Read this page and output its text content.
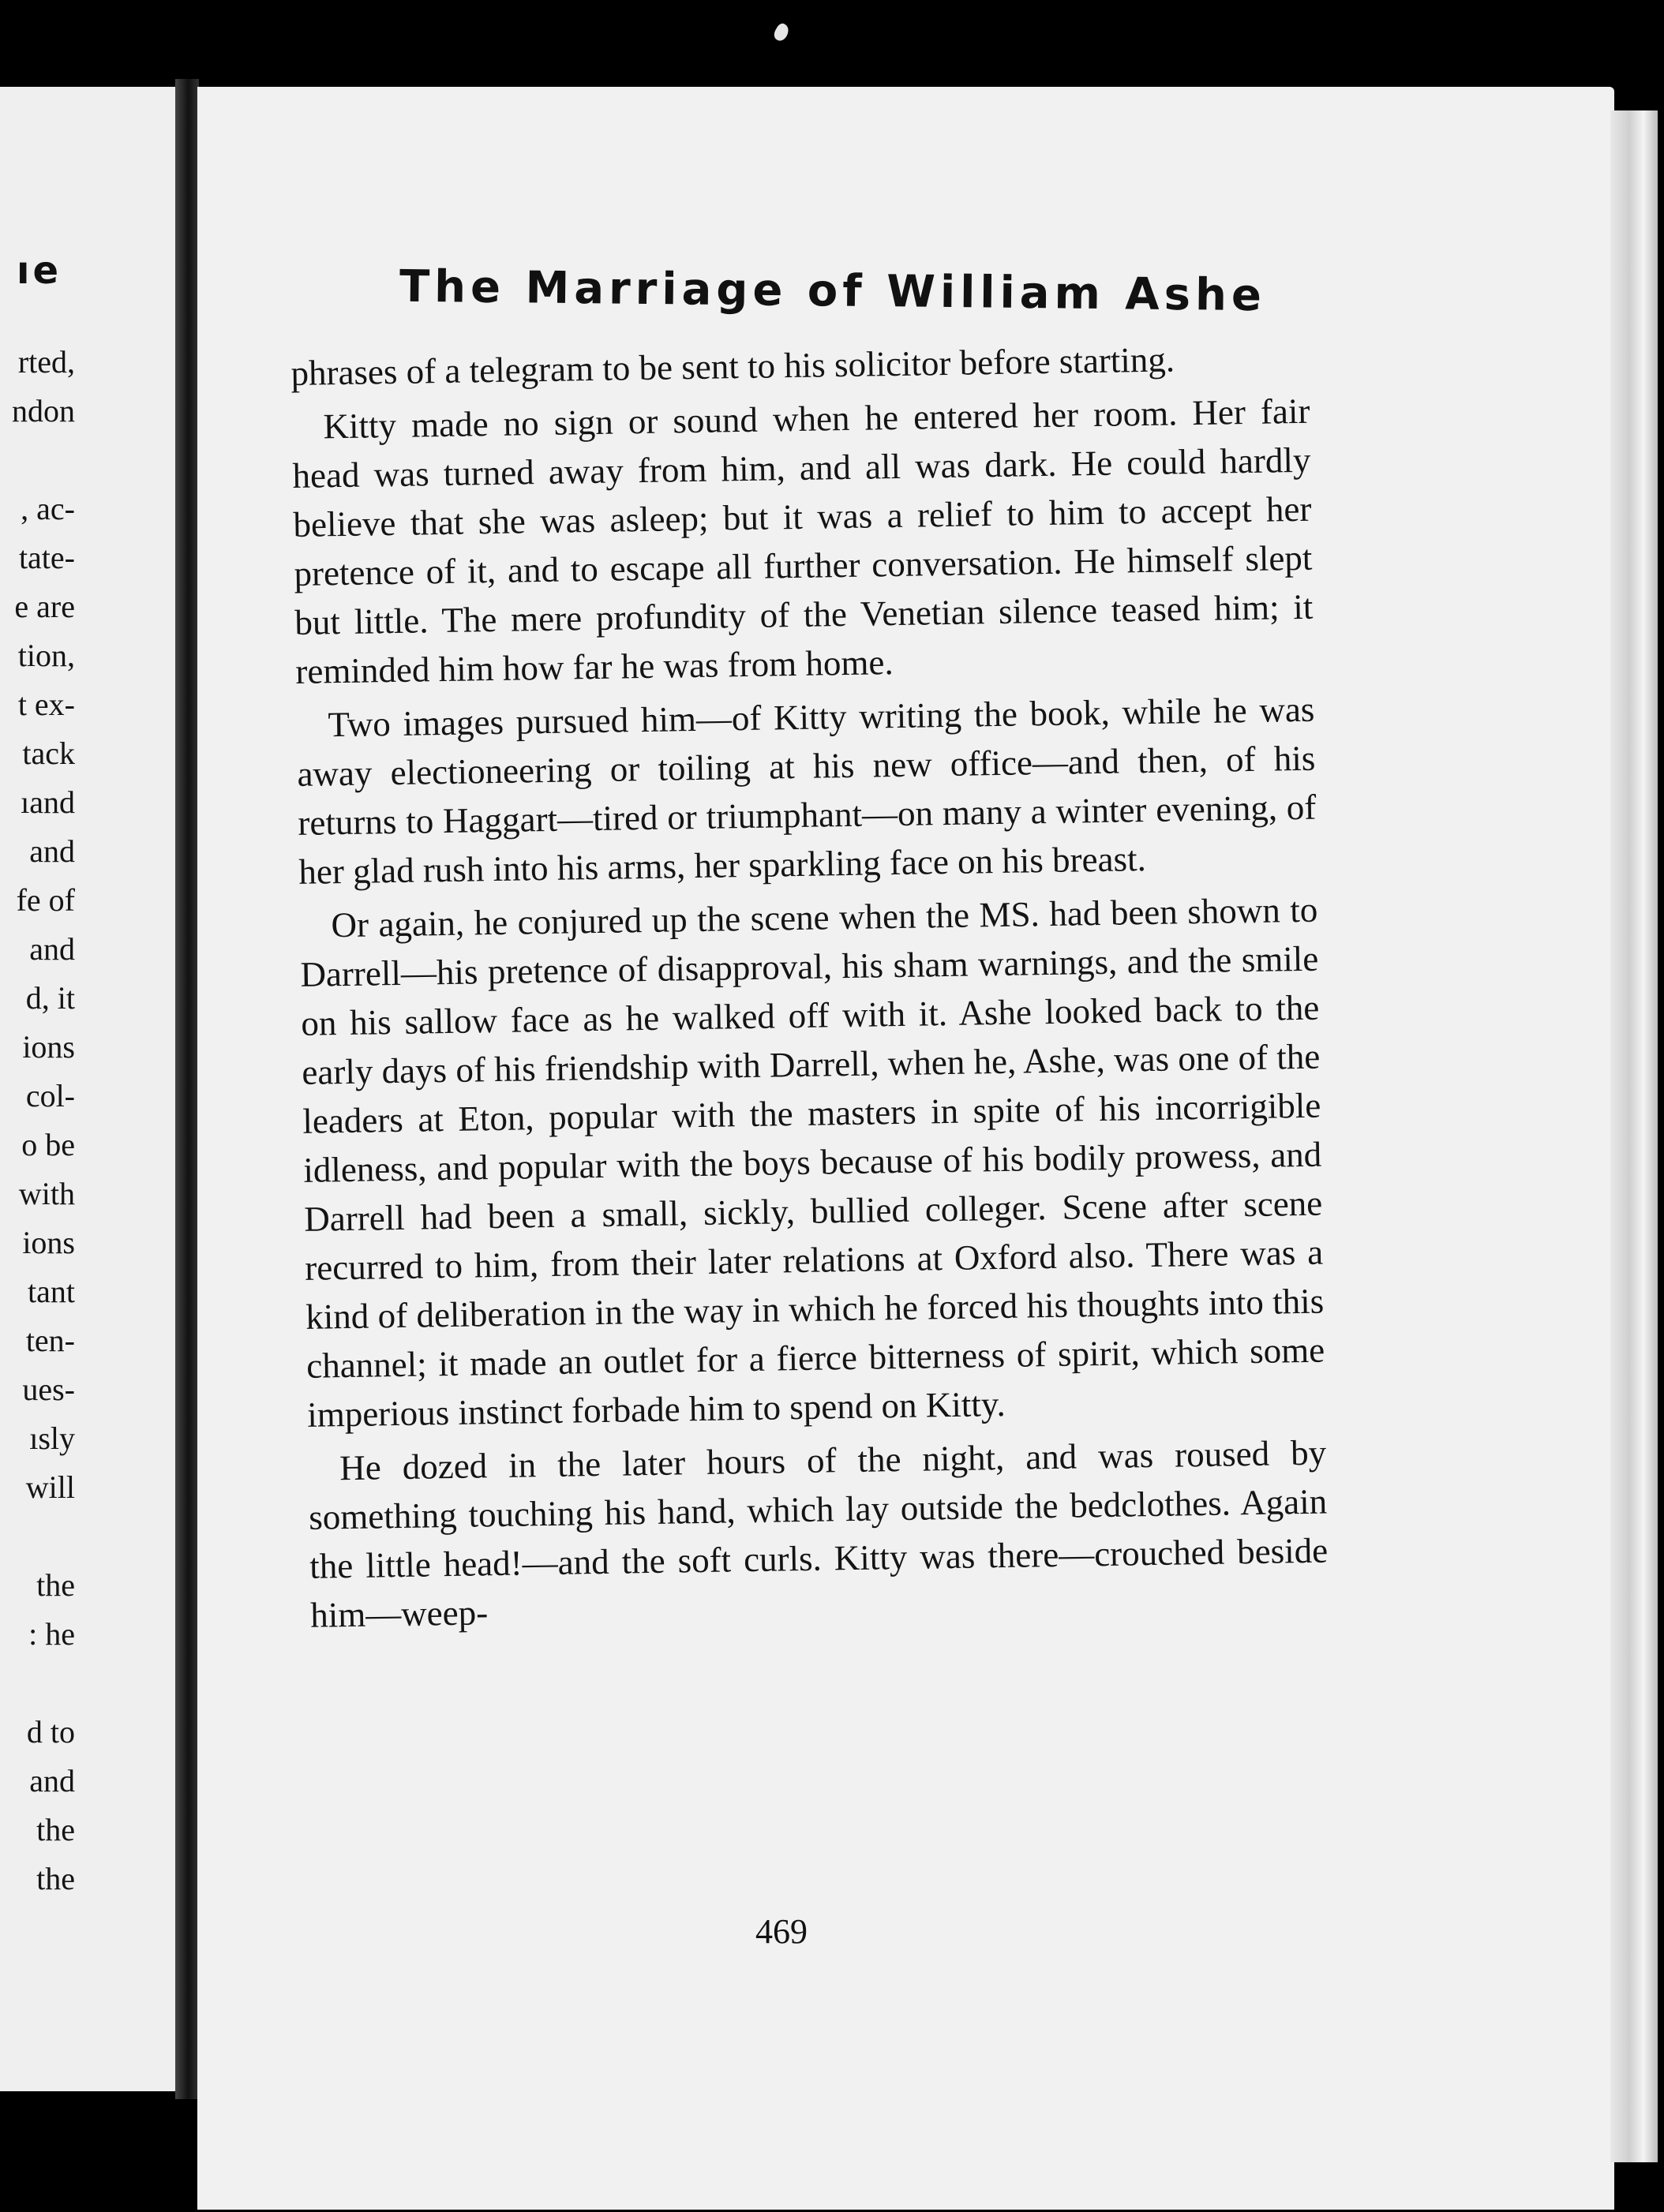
ıe
rted,
ndon
, ac-
tate-
e are
tion,
t ex-
tack
ıand
and
fe of
and
d, it
ions
col-
o be
with
ions
tant
ten-
ues-
ısly
will
the
: he
d to
and
the
the
The Marriage of William Ashe

phrases of a telegram to be sent to his solicitor before starting.

Kitty made no sign or sound when he entered her room. Her fair head was turned away from him, and all was dark. He could hardly believe that she was asleep; but it was a relief to him to accept her pretence of it, and to escape all further conversation. He himself slept but little. The mere profundity of the Venetian silence teased him; it reminded him how far he was from home.

Two images pursued him—of Kitty writing the book, while he was away electioneering or toiling at his new office—and then, of his returns to Haggart—tired or triumphant—on many a winter evening, of her glad rush into his arms, her sparkling face on his breast.

Or again, he conjured up the scene when the MS. had been shown to Darrell—his pretence of disapproval, his sham warnings, and the smile on his sallow face as he walked off with it. Ashe looked back to the early days of his friendship with Darrell, when he, Ashe, was one of the leaders at Eton, popular with the masters in spite of his incorrigible idleness, and popular with the boys because of his bodily prowess, and Darrell had been a small, sickly, bullied colleger. Scene after scene recurred to him, from their later relations at Oxford also. There was a kind of deliberation in the way in which he forced his thoughts into this channel; it made an outlet for a fierce bitterness of spirit, which some imperious instinct forbade him to spend on Kitty.

He dozed in the later hours of the night, and was roused by something touching his hand, which lay outside the bedclothes. Again the little head!—and the soft curls. Kitty was there—crouched beside him—weep-

469
